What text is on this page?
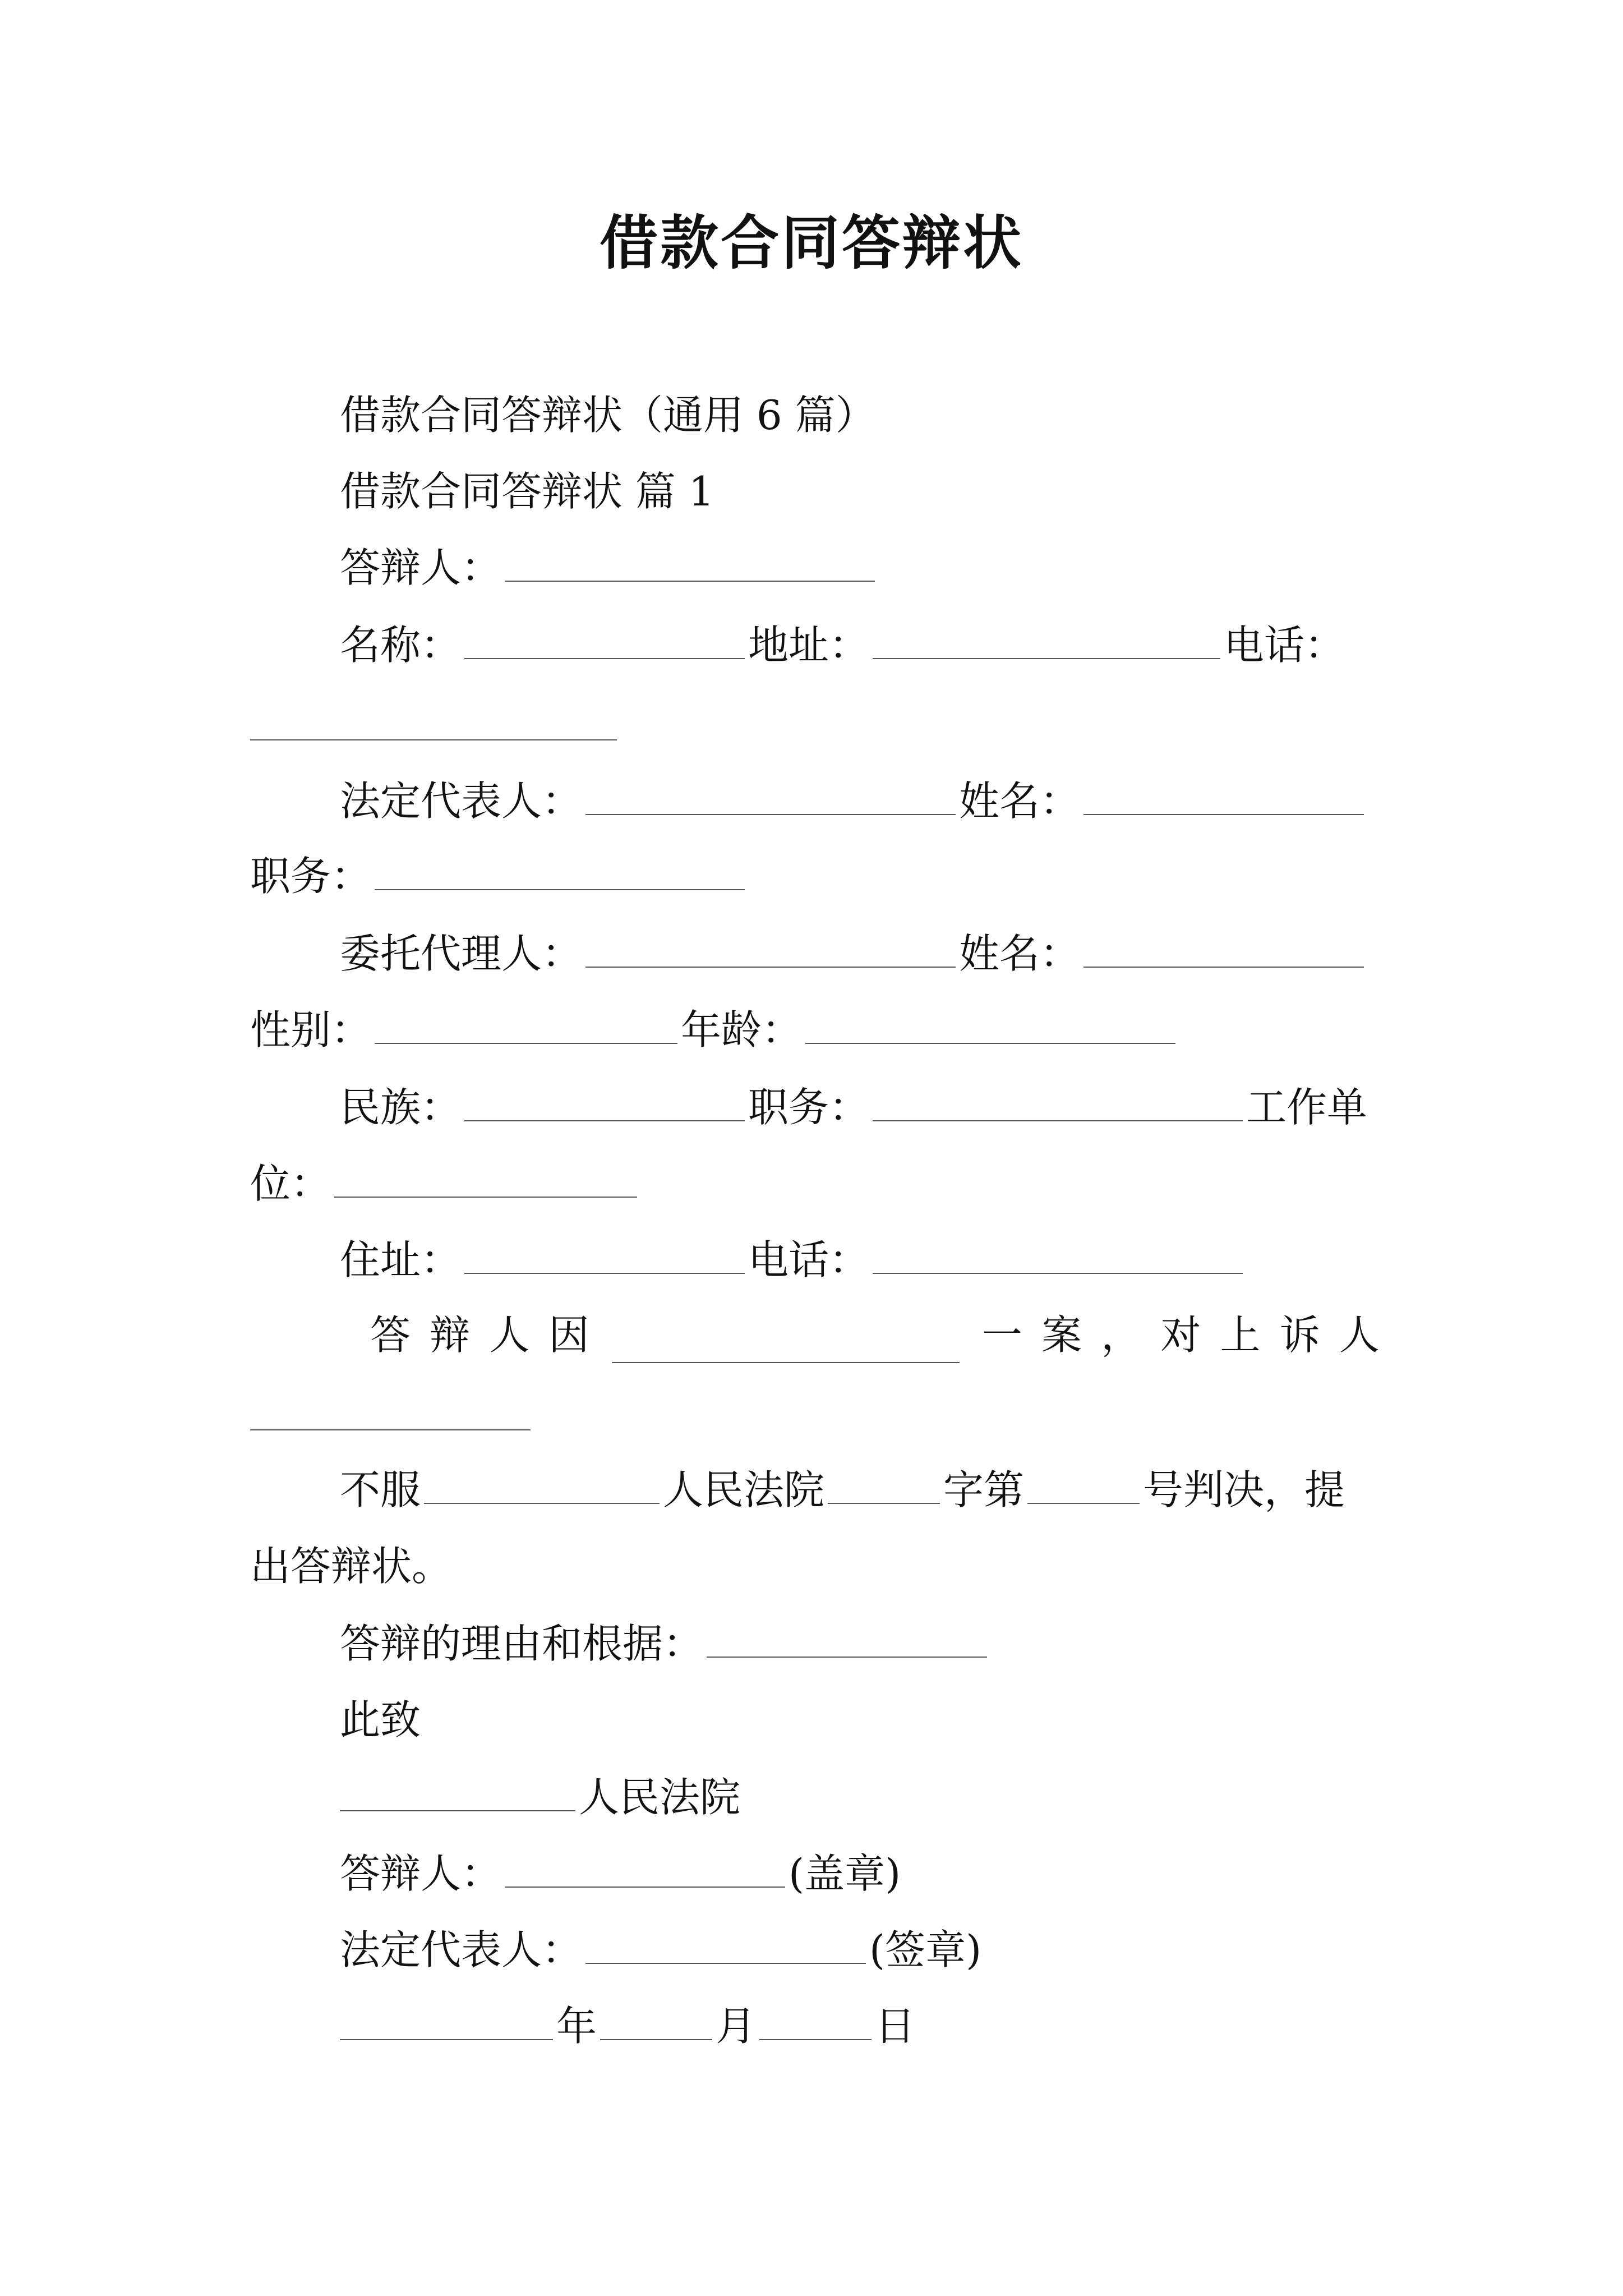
借款合同答辩状
借款合同答辩状（通用 6 篇）
借款合同答辩状 篇 1
答辩人：
名称：	地址：	电话：
法定代表人：	姓名：
职务：
委托代理人：	姓名：
性别：	年龄：
民族：	职务：	工作单
位：
住址：	电话：
答 辩 人 因	一 案 ， 对 上 诉 人
不服	人民法院	字第	号判决，提
出答辩状。
答辩的理由和根据：
此致
人民法院
答辩人：	(盖章)
法定代表人：	(签章)
年	月	日
